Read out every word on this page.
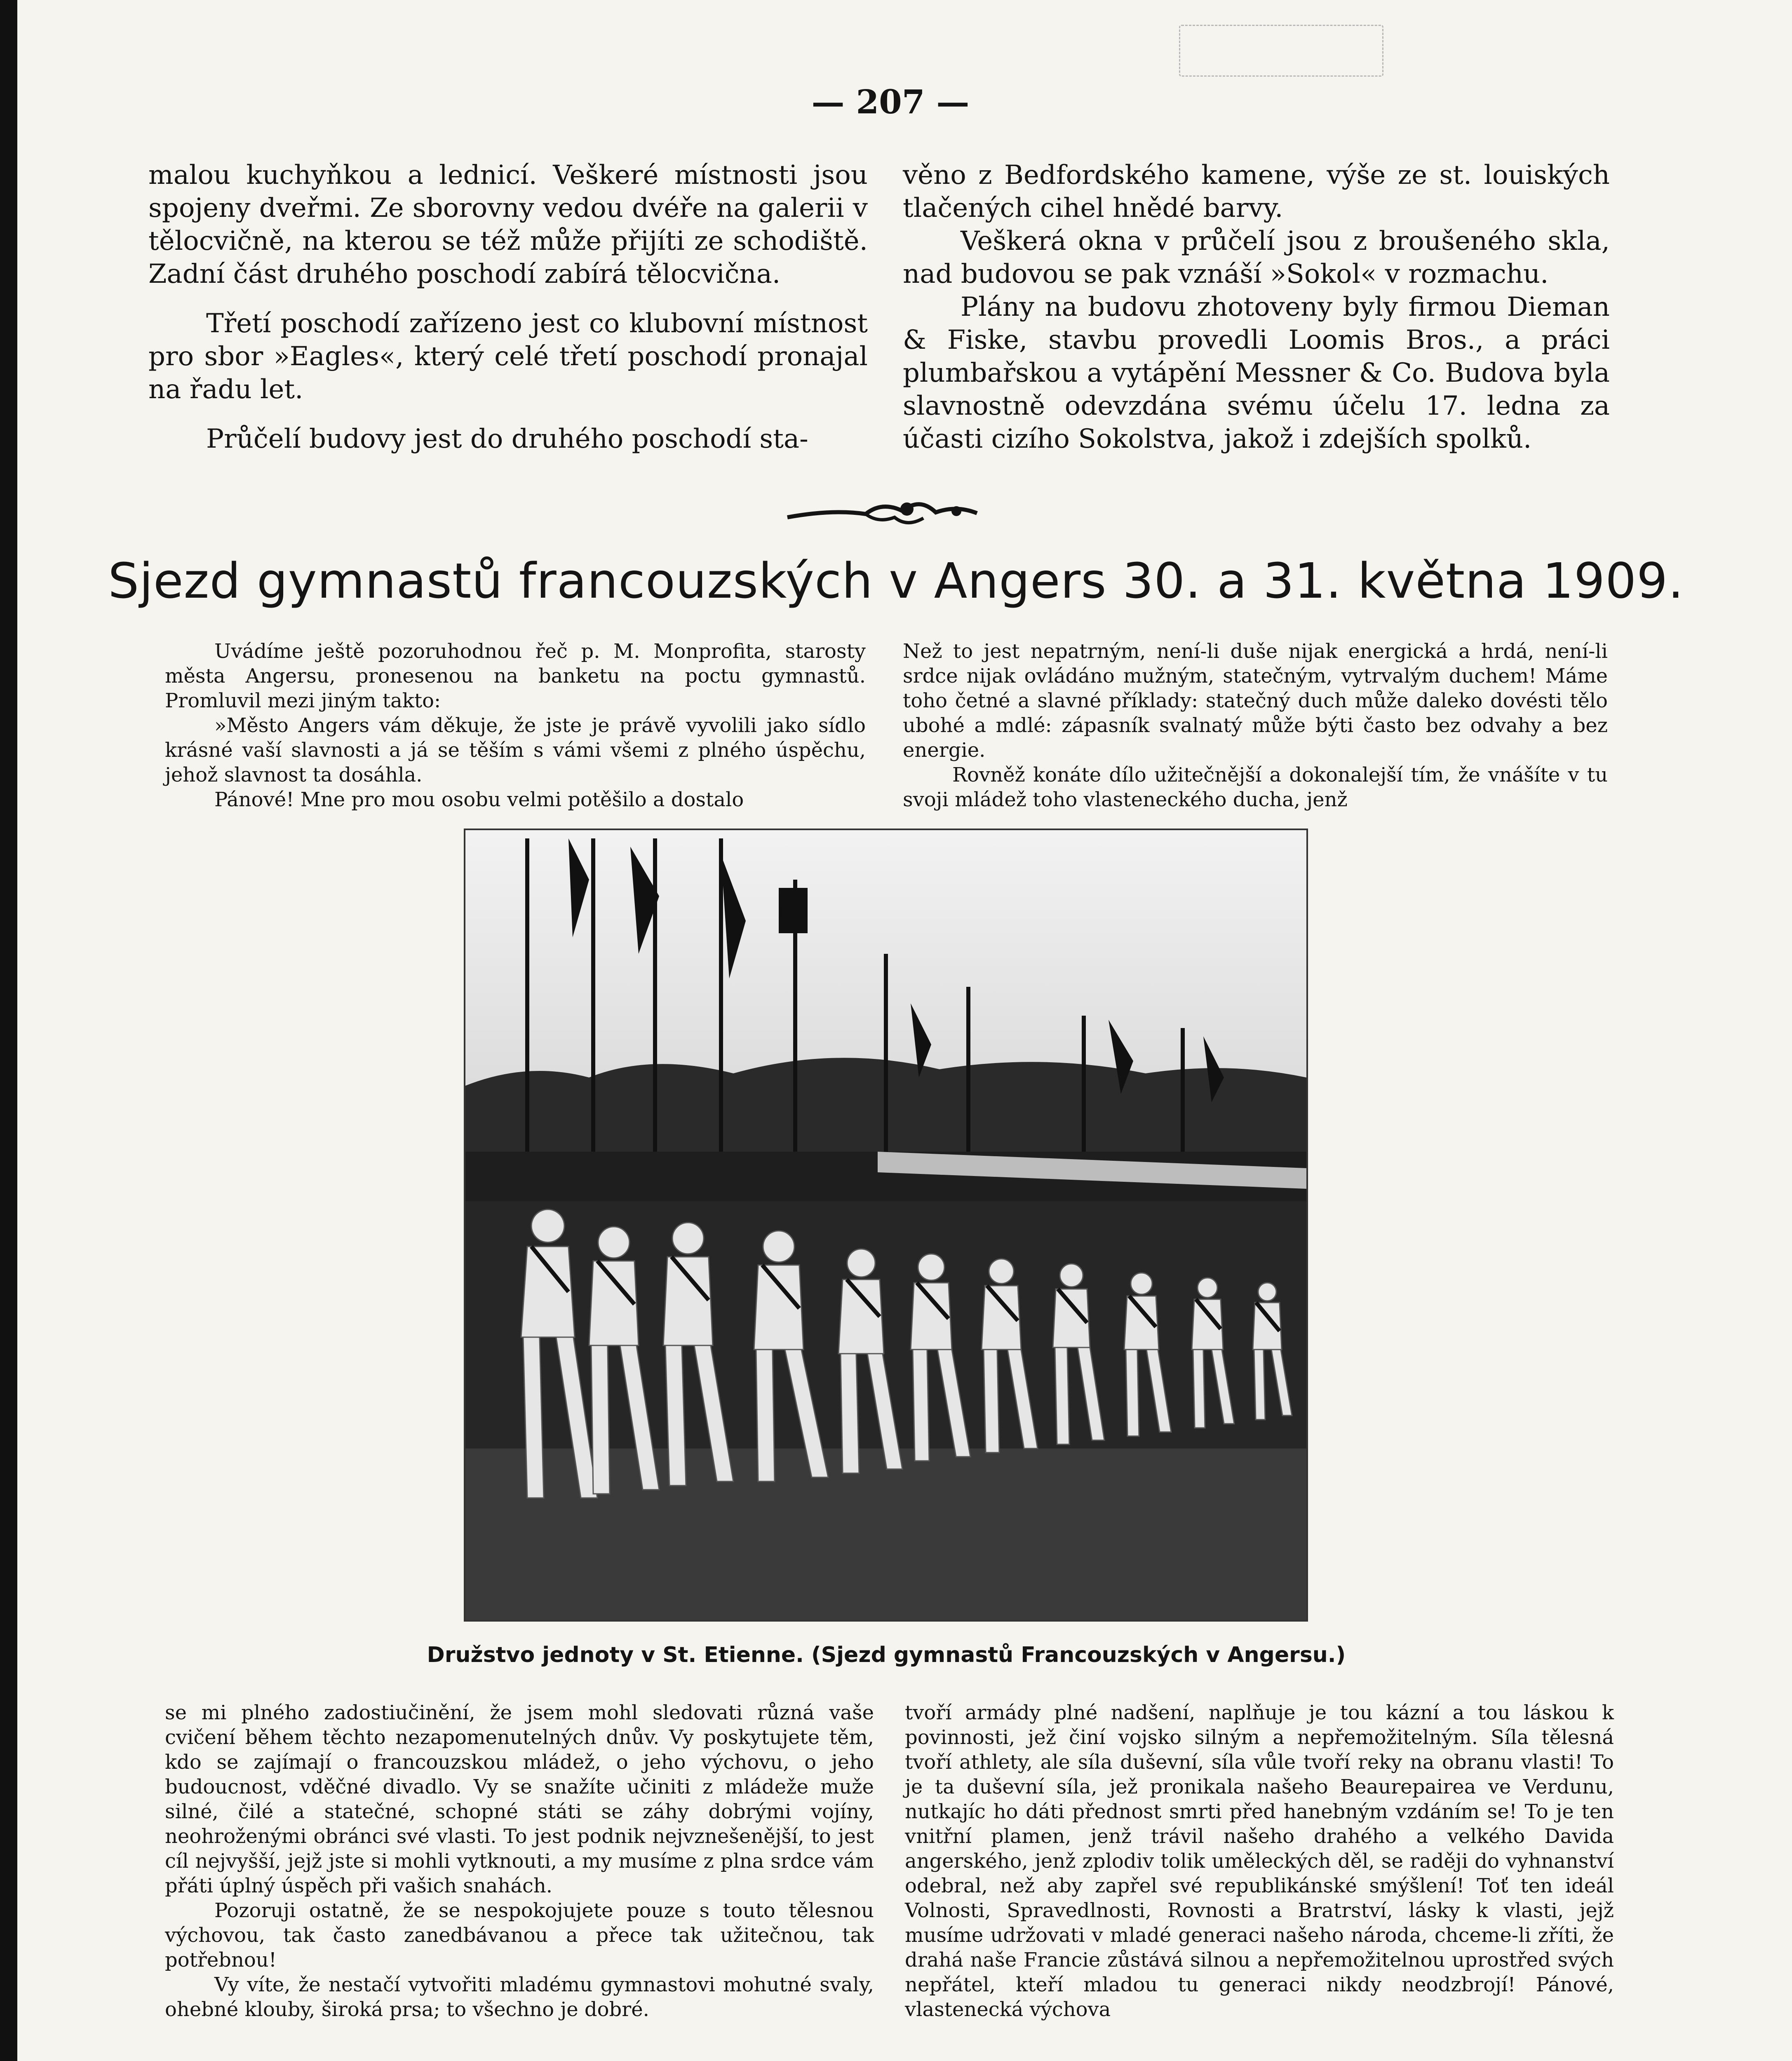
— 207 —

malou kuchyňkou a lednicí. Veškeré místnosti jsou spojeny dveřmi. Ze sborovny vedou dvéře na galerii v tělocvičně, na kterou se též může přijíti ze schodiště. Zadní část druhého poschodí zabírá tělocvična.

Třetí poschodí zařízeno jest co klubovní místnost pro sbor »Eagles«, který celé třetí poschodí pronajal na řadu let.

Průčelí budovy jest do druhého poschodí sta-

věno z Bedfordského kamene, výše ze st. louiských tlačených cihel hnědé barvy.

Veškerá okna v průčelí jsou z broušeného skla, nad budovou se pak vznáší »Sokol« v rozmachu.

Plány na budovu zhotoveny byly firmou Dieman & Fiske, stavbu provedli Loomis Bros., a práci plumbařskou a vytápění Messner & Co. Budova byla slavnostně odevzdána svému účelu 17. ledna za účasti cizího Sokolstva, jakož i zdejších spolků.

Sjezd gymnastů francouzských v Angers 30. a 31. května 1909.

Uvádíme ještě pozoruhodnou řeč p. M. Monprofita, starosty města Angersu, pronesenou na banketu na poctu gymnastů. Promluvil mezi jiným takto:

»Město Angers vám děkuje, že jste je právě vyvolili jako sídlo krásné vaší slavnosti a já se těším s vámi všemi z plného úspěchu, jehož slavnost ta dosáhla.

Pánové! Mne pro mou osobu velmi potěšilo a dostalo

Než to jest nepatrným, není-li duše nijak energická a hrdá, není-li srdce nijak ovládáno mužným, statečným, vytrvalým duchem! Máme toho četné a slavné příklady: statečný duch může daleko dovésti tělo ubohé a mdlé: zápasník svalnatý může býti často bez odvahy a bez energie.

Rovněž konáte dílo užitečnější a dokonalejší tím, že vnášíte v tu svoji mládež toho vlasteneckého ducha, jenž

Družstvo jednoty v St. Etienne. (Sjezd gymnastů Francouzských v Angersu.)

se mi plného zadostiučinění, že jsem mohl sledovati různá vaše cvičení během těchto nezapomenutelných dnův. Vy poskytujete těm, kdo se zajímají o francouzskou mládež, o jeho výchovu, o jeho budoucnost, vděčné divadlo. Vy se snažíte učiniti z mládeže muže silné, čilé a statečné, schopné státi se záhy dobrými vojíny, neohroženými obránci své vlasti. To jest podnik nejvznešenější, to jest cíl nejvyšší, jejž jste si mohli vytknouti, a my musíme z plna srdce vám přáti úplný úspěch při vašich snahách.

Pozoruji ostatně, že se nespokojujete pouze s touto tělesnou výchovou, tak často zanedbávanou a přece tak užitečnou, tak potřebnou!

Vy víte, že nestačí vytvořiti mladému gymnastovi mohutné svaly, ohebné klouby, široká prsa; to všechno je dobré.

tvoří armády plné nadšení, naplňuje je tou kázní a tou láskou k povinnosti, jež činí vojsko silným a nepřemožitelným. Síla tělesná tvoří athlety, ale síla duševní, síla vůle tvoří reky na obranu vlasti! To je ta duševní síla, jež pronikala našeho Beaurepairea ve Verdunu, nutkajíc ho dáti přednost smrti před hanebným vzdáním se! To je ten vnitřní plamen, jenž trávil našeho drahého a velkého Davida angerského, jenž zplodiv tolik uměleckých děl, se raději do vyhnanství odebral, než aby zapřel své republikánské smýšlení! Toť ten ideál Volnosti, Spravedlnosti, Rovnosti a Bratrství, lásky k vlasti, jejž musíme udržovati v mladé generaci našeho národa, chceme-li zříti, že drahá naše Francie zůstává silnou a nepřemožitelnou uprostřed svých nepřátel, kteří mladou tu generaci nikdy neodzbrojí! Pánové, vlastenecká výchova
